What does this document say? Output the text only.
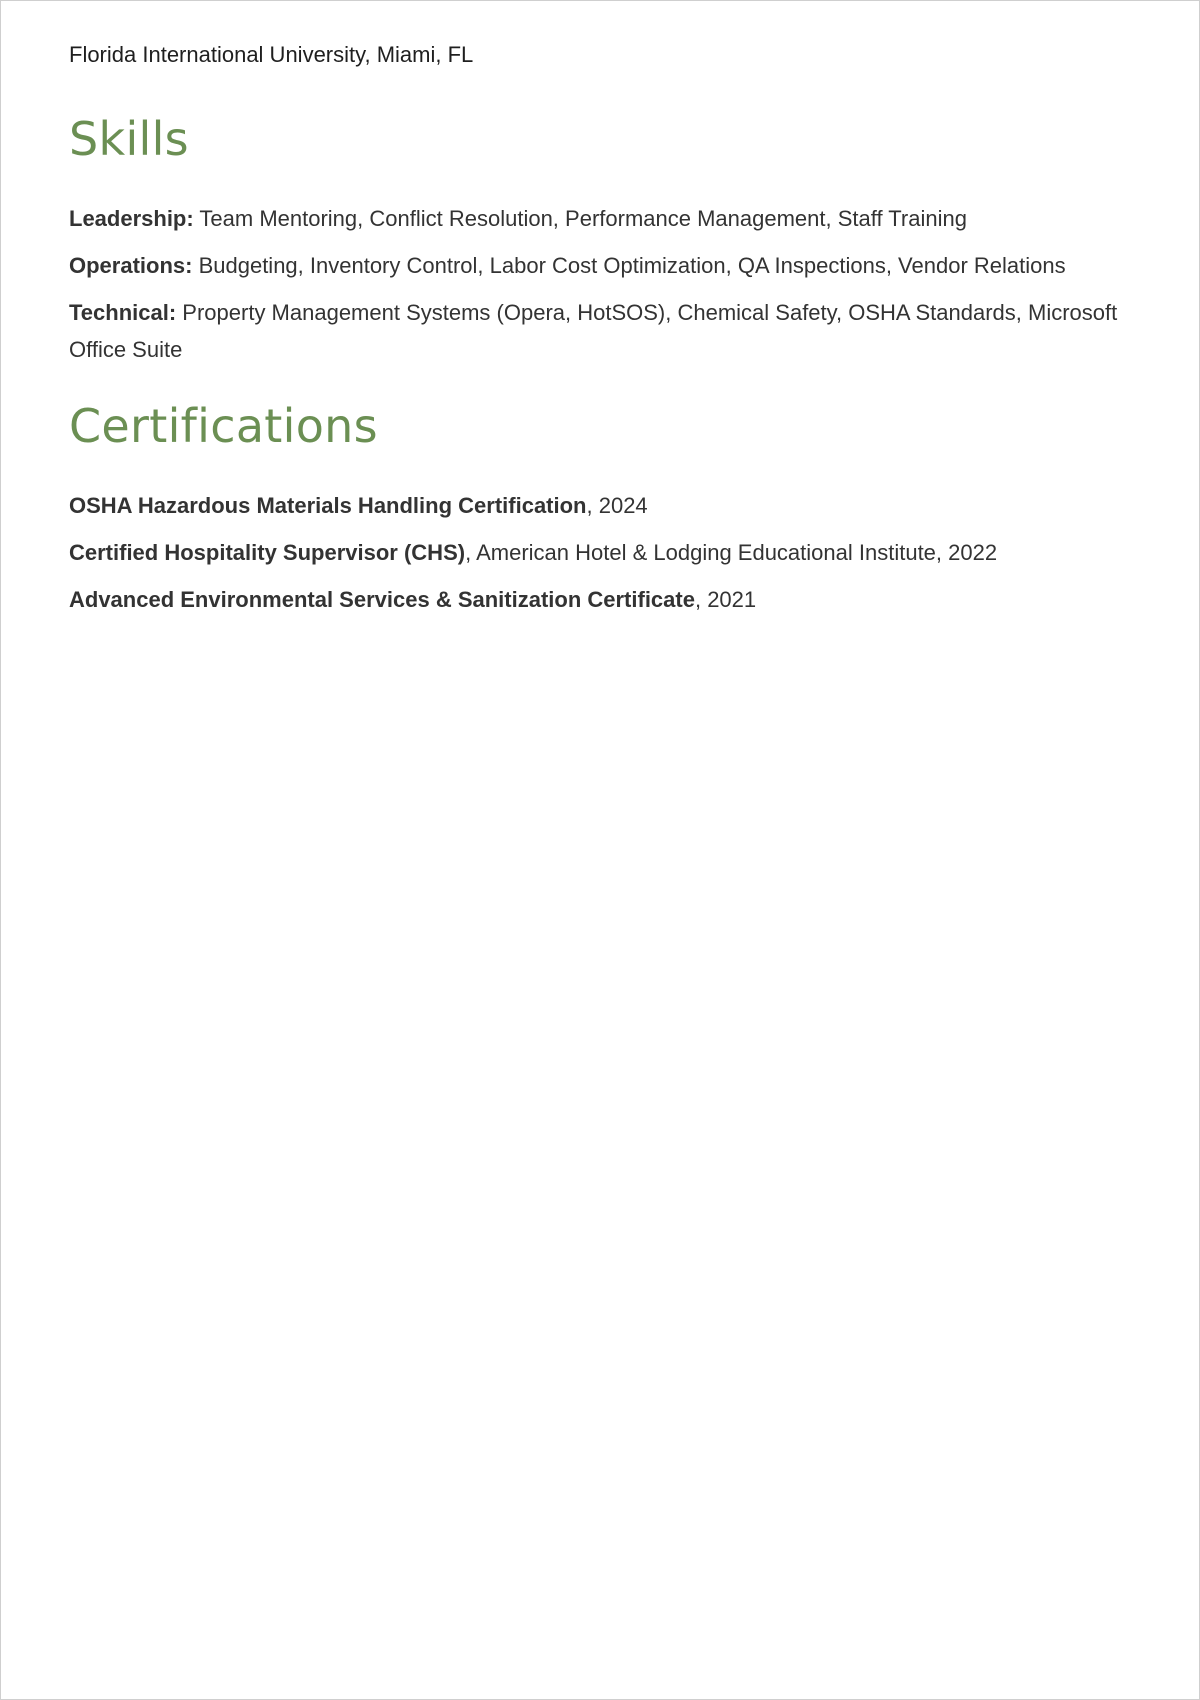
Florida International University, Miami, FL

Skills

Leadership: Team Mentoring, Conflict Resolution, Performance Management, Staff Training

Operations: Budgeting, Inventory Control, Labor Cost Optimization, QA Inspections, Vendor Relations

Technical: Property Management Systems (Opera, HotSOS), Chemical Safety, OSHA Standards, Microsoft Office Suite

Certifications

OSHA Hazardous Materials Handling Certification, 2024

Certified Hospitality Supervisor (CHS), American Hotel & Lodging Educational Institute, 2022

Advanced Environmental Services & Sanitization Certificate, 2021
